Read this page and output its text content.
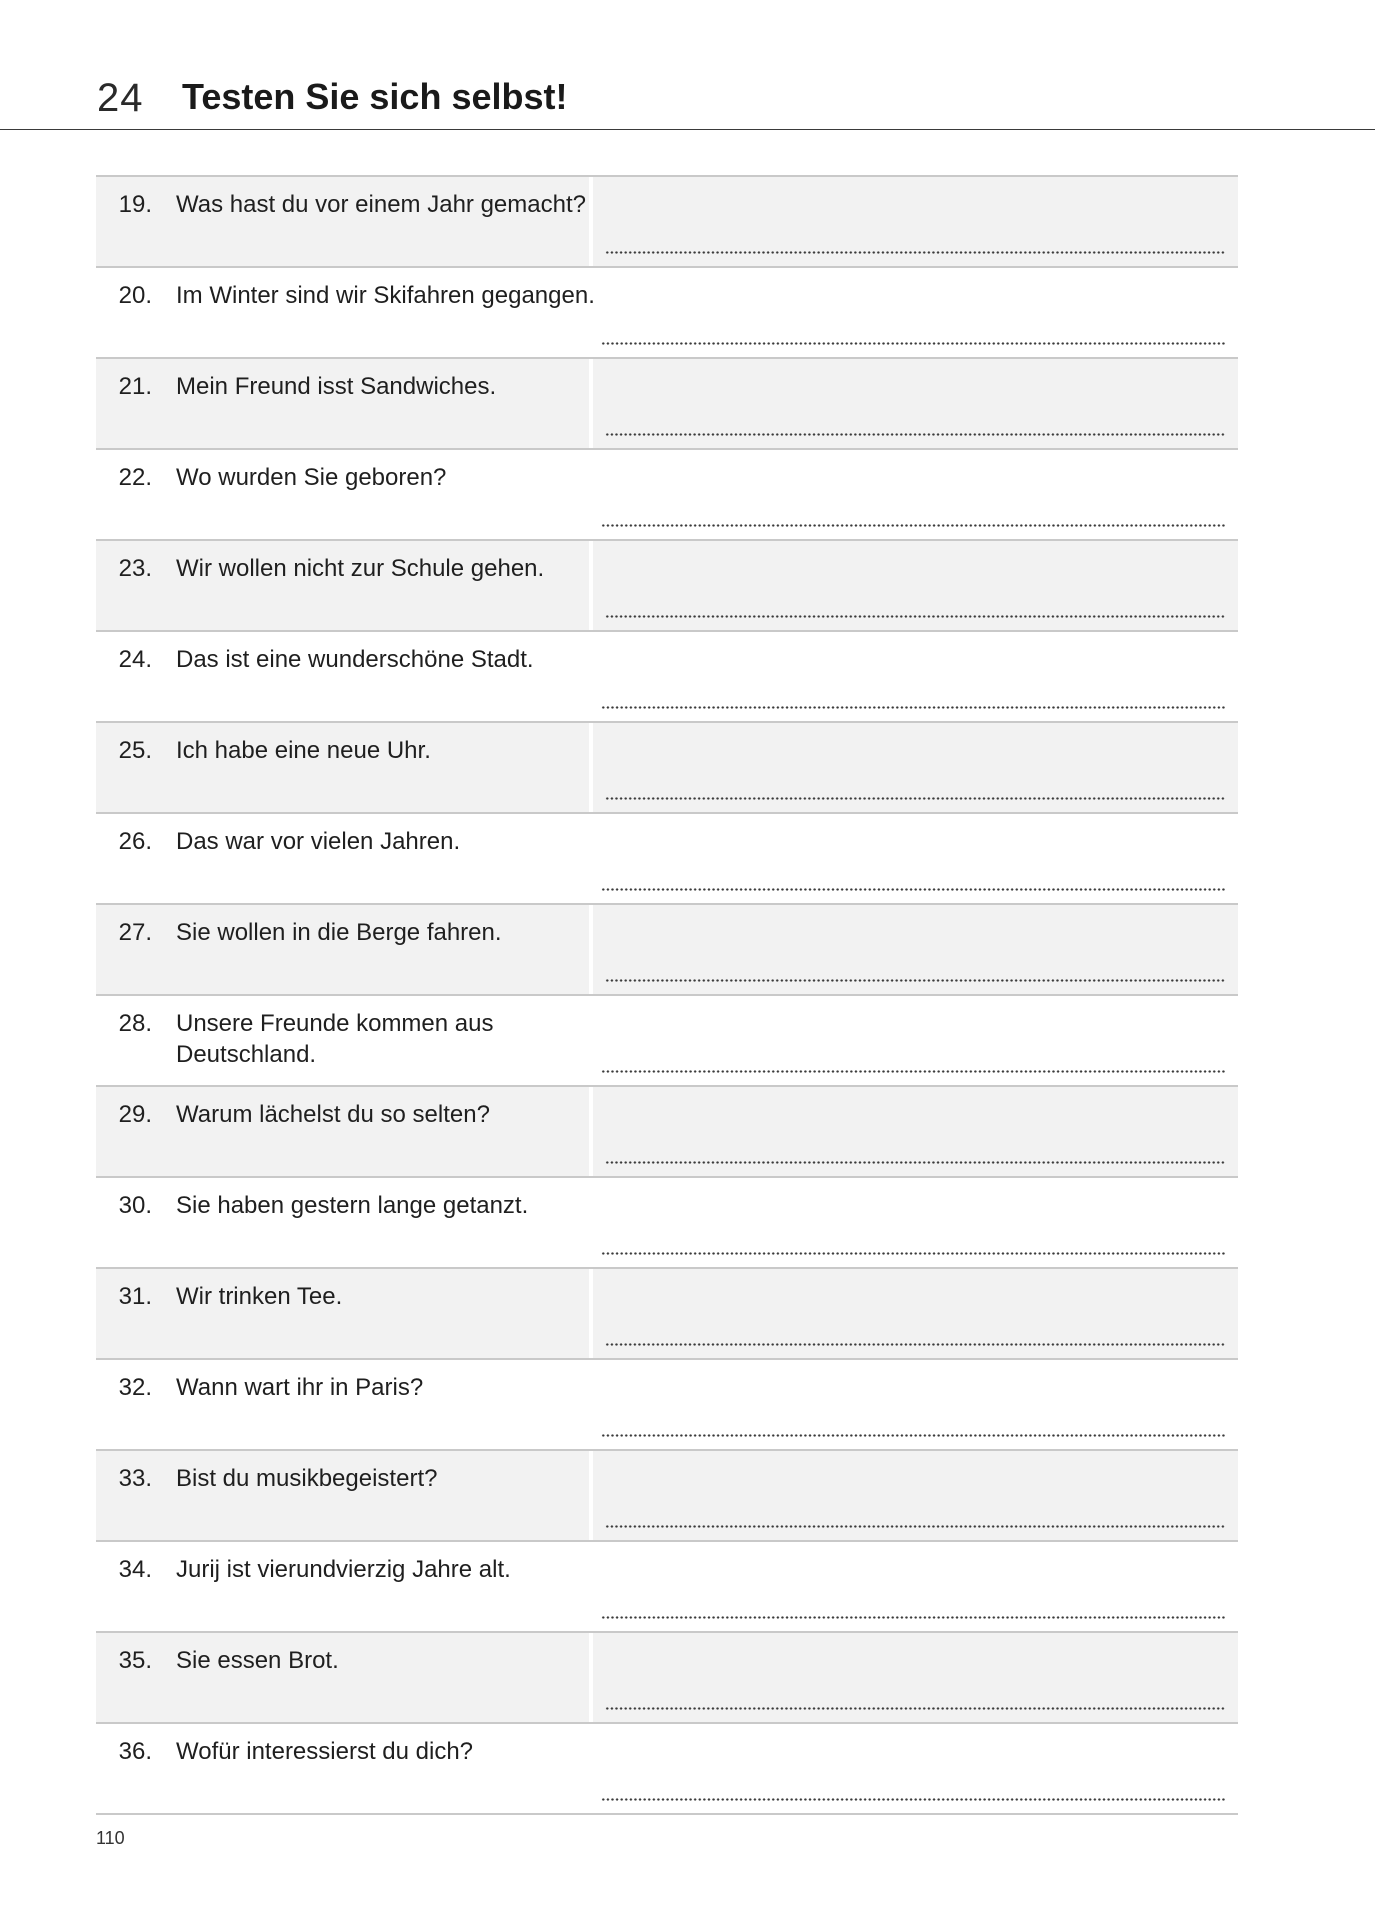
24 Testen Sie sich selbst!
19. Was hast du vor einem Jahr gemacht?
20. Im Winter sind wir Skifahren gegangen.
21. Mein Freund isst Sandwiches.
22. Wo wurden Sie geboren?
23. Wir wollen nicht zur Schule gehen.
24. Das ist eine wunderschöne Stadt.
25. Ich habe eine neue Uhr.
26. Das war vor vielen Jahren.
27. Sie wollen in die Berge fahren.
28. Unsere Freunde kommen aus Deutschland.
29. Warum lächelst du so selten?
30. Sie haben gestern lange getanzt.
31. Wir trinken Tee.
32. Wann wart ihr in Paris?
33. Bist du musikbegeistert?
34. Jurij ist vierundvierzig Jahre alt.
35. Sie essen Brot.
36. Wofür interessierst du dich?
110
